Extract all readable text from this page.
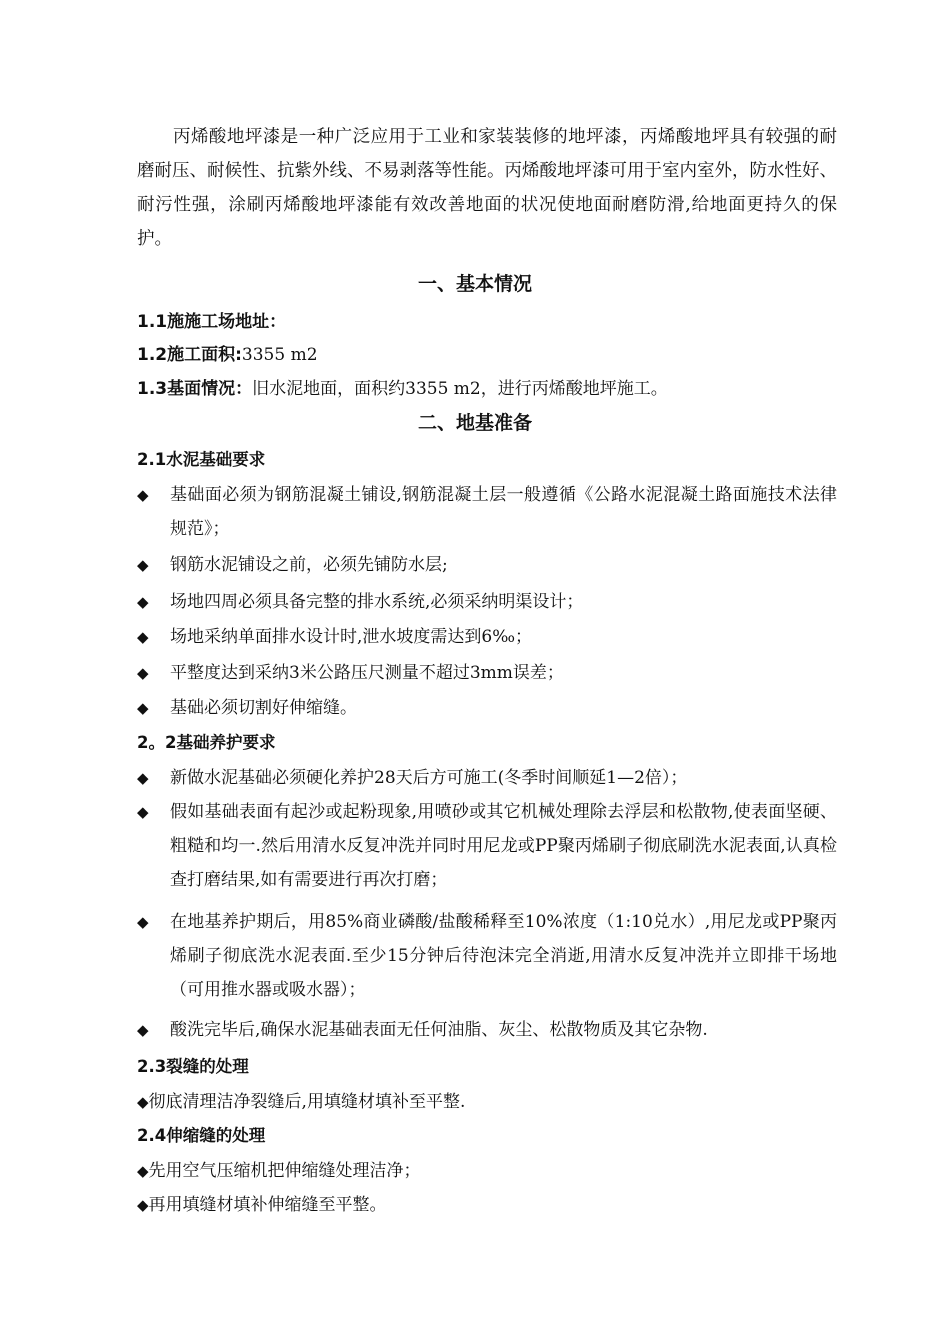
丙烯酸地坪漆是一种广泛应用于工业和家装装修的地坪漆，丙烯酸地坪具有较强的耐磨耐压、耐候性、抗紫外线、不易剥落等性能。丙烯酸地坪漆可用于室内室外，防水性好、耐污性强，涂刷丙烯酸地坪漆能有效改善地面的状况使地面耐磨防滑,给地面更持久的保护。

一、基本情况
1.1施施工场地址：
1.2施工面积:3355 m2
1.3基面情况：旧水泥地面，面积约3355 m2，进行丙烯酸地坪施工。
二、地基准备
2.1水泥基础要求
◆ 基础面必须为钢筋混凝土铺设,钢筋混凝土层一般遵循《公路水泥混凝土路面施技术法律规范》；
◆ 钢筋水泥铺设之前，必须先铺防水层;
◆ 场地四周必须具备完整的排水系统,必须采纳明渠设计；
◆ 场地采纳单面排水设计时,泄水坡度需达到6‰；
◆ 平整度达到采纳3米公路压尺测量不超过3mm误差；
◆ 基础必须切割好伸缩缝。
2。2基础养护要求
◆ 新做水泥基础必须硬化养护28天后方可施工(冬季时间顺延1—2倍）；
◆ 假如基础表面有起沙或起粉现象,用喷砂或其它机械处理除去浮层和松散物,使表面坚硬、粗糙和均一.然后用清水反复冲洗并同时用尼龙或PP聚丙烯刷子彻底刷洗水泥表面,认真检查打磨结果,如有需要进行再次打磨；
◆ 在地基养护期后，用85%商业磷酸/盐酸稀释至10%浓度（1:10兑水）,用尼龙或PP聚丙烯刷子彻底洗水泥表面.至少15分钟后待泡沫完全消逝,用清水反复冲洗并立即排干场地（可用推水器或吸水器）；
◆ 酸洗完毕后,确保水泥基础表面无任何油脂、灰尘、松散物质及其它杂物.
2.3裂缝的处理
◆彻底清理洁净裂缝后,用填缝材填补至平整.
2.4伸缩缝的处理
◆先用空气压缩机把伸缩缝处理洁净；
◆再用填缝材填补伸缩缝至平整。
